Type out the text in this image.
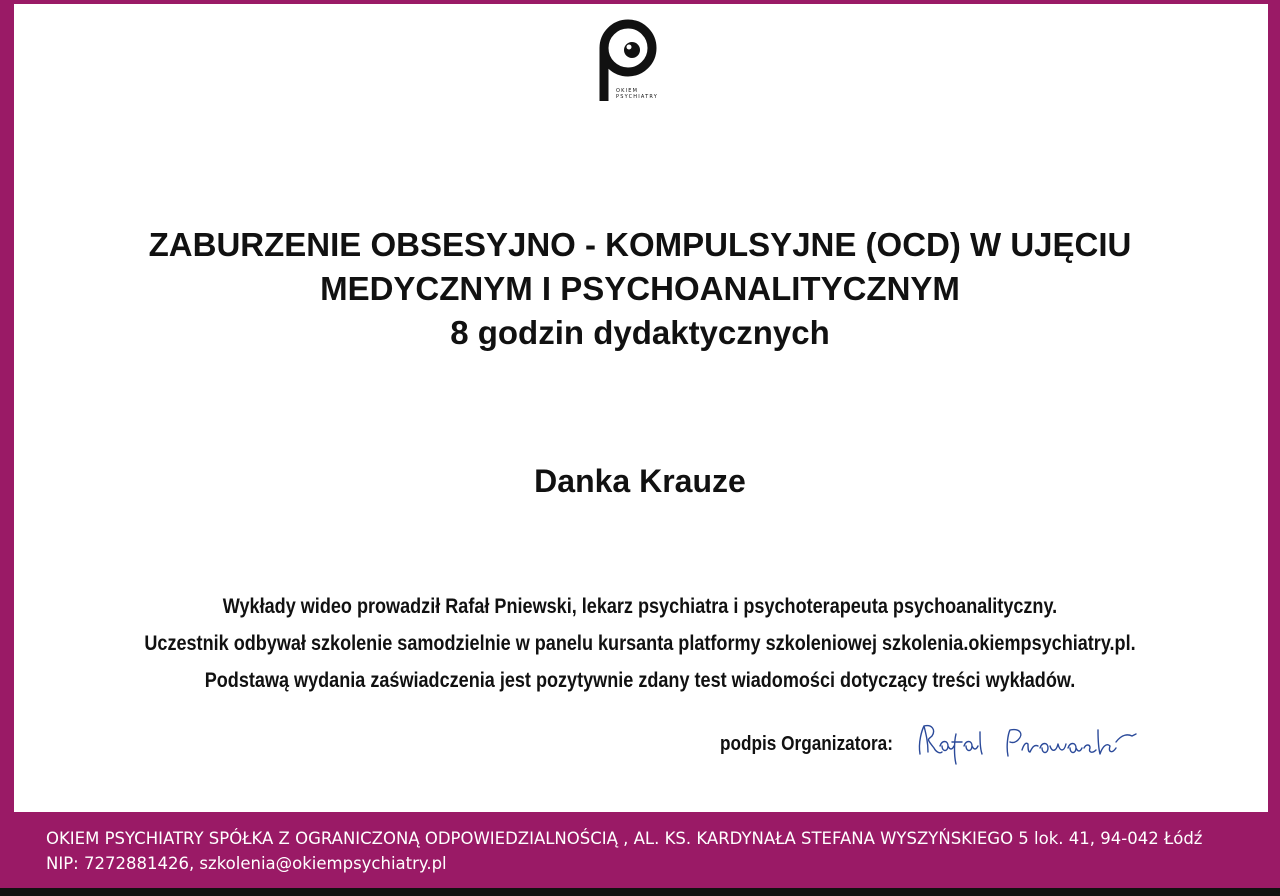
OKIEM
PSYCHIATRY
ZABURZENIE OBSESYJNO - KOMPULSYJNE (OCD) W UJĘCIU
MEDYCZNYM I PSYCHOANALITYCZNYM
8 godzin dydaktycznych
Danka Krauze
Wykłady wideo prowadził Rafał Pniewski, lekarz psychiatra i psychoterapeuta psychoanalityczny.
Uczestnik odbywał szkolenie samodzielnie w panelu kursanta platformy szkoleniowej szkolenia.okiempsychiatry.pl.
Podstawą wydania zaświadczenia jest pozytywnie zdany test wiadomości dotyczący treści wykładów.
podpis Organizatora:
OKIEM PSYCHIATRY SPÓŁKA Z OGRANICZONĄ ODPOWIEDZIALNOŚCIĄ , AL. KS. KARDYNAŁA STEFANA WYSZYŃSKIEGO 5 lok. 41, 94-042 Łódź
NIP: 7272881426, szkolenia@okiempsychiatry.pl
